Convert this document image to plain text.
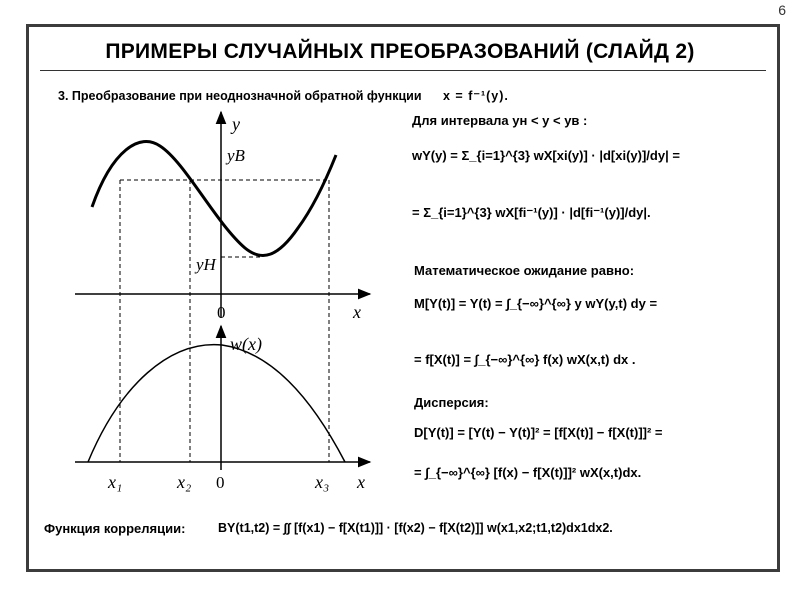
6
ПРИМЕРЫ СЛУЧАЙНЫХ ПРЕОБРАЗОВАНИЙ (СЛАЙД 2)
3. Преобразование при неоднозначной обратной функции x = f⁻¹(y).
y
yВ
yН
0	x
w(x)
x₁	x₂ 0	x₃ x
Для интервала yн < y < yв :
wY(y) = Σ_{i=1}^{3} wX[xi(y)] · |d[xi(y)]/dy| =
= Σ_{i=1}^{3} wX[fi⁻¹(y)] · |d[fi⁻¹(y)]/dy|.
Математическое ожидание равно:
M[Y(t)] = Y(t) = ∫_{−∞}^{∞} y wY(y,t) dy =
= f[X(t)] = ∫_{−∞}^{∞} f(x) wX(x,t) dx .
Дисперсия:
D[Y(t)] = [Y(t) − Y(t)]² = [f[X(t)] − f[X(t)]]² =
= ∫_{−∞}^{∞} [f(x) − f[X(t)]]² wX(x,t)dx.
Функция корреляции:	BY(t1,t2) = ∫∫ [f(x1) − f[X(t1)]] · [f(x2) − f[X(t2)]] w(x1,x2;t1,t2)dx1dx2.
